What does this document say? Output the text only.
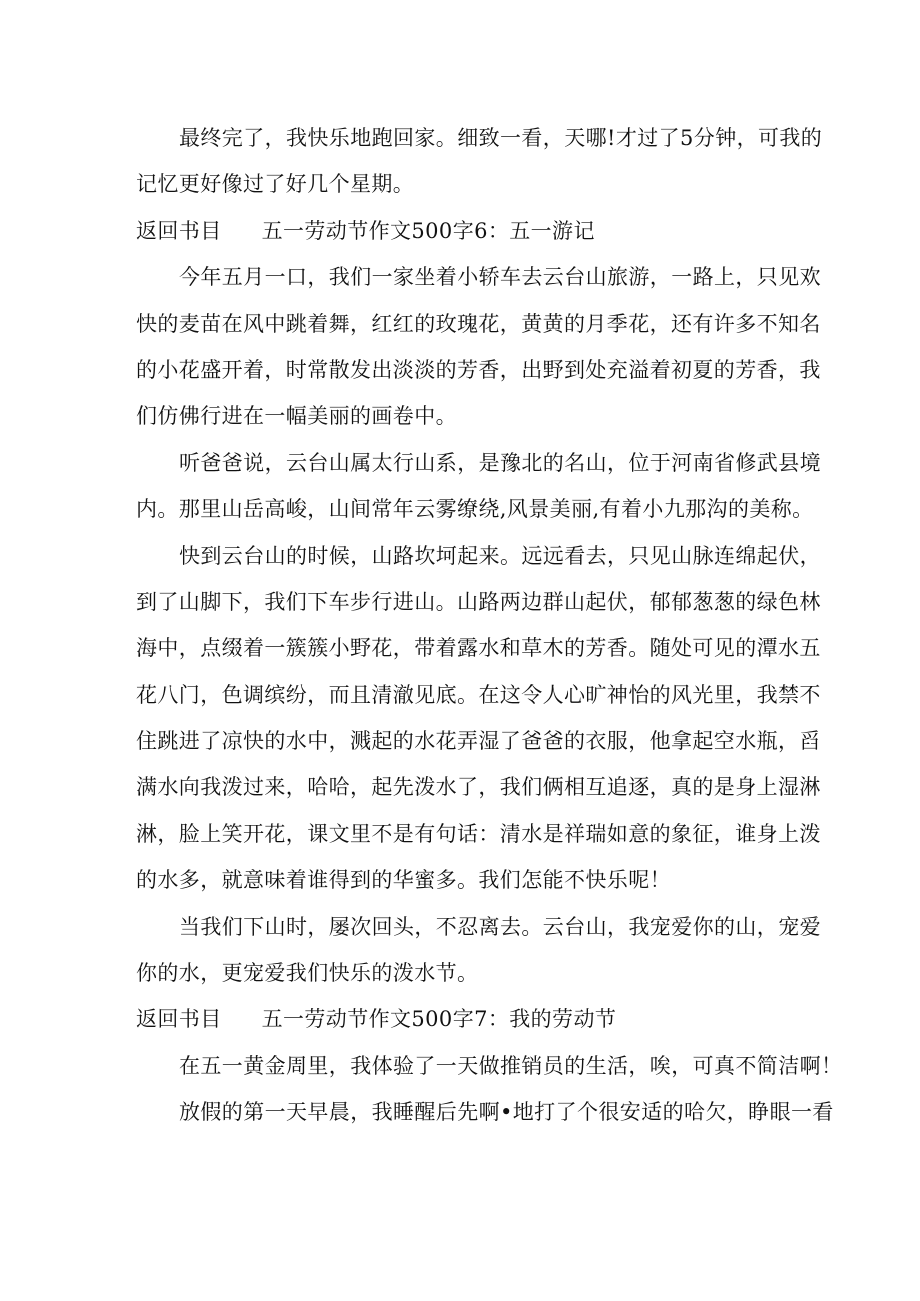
最终完了，我快乐地跑回家。细致一看，天哪!才过了5分钟，可我的
记忆更好像过了好几个星期。
返回书目 五一劳动节作文500字6：五一游记
今年五月一口，我们一家坐着小轿车去云台山旅游，一路上，只见欢
快的麦苗在风中跳着舞，红红的玫瑰花，黄黄的月季花，还有许多不知名
的小花盛开着，时常散发出淡淡的芳香，出野到处充溢着初夏的芳香，我
们仿佛行进在一幅美丽的画卷中。
听爸爸说，云台山属太行山系，是豫北的名山，位于河南省修武县境
内。那里山岳高峻，山间常年云雾缭绕,风景美丽,有着小九那沟的美称。
快到云台山的时候，山路坎坷起来。远远看去，只见山脉连绵起伏，
到了山脚下，我们下车步行进山。山路两边群山起伏，郁郁葱葱的绿色林
海中，点缀着一簇簇小野花，带着露水和草木的芳香。随处可见的潭水五
花八门，色调缤纷，而且清澈见底。在这令人心旷神怡的风光里，我禁不
住跳进了凉快的水中，溅起的水花弄湿了爸爸的衣服，他拿起空水瓶，舀
满水向我泼过来，哈哈，起先泼水了，我们俩相互追逐，真的是身上湿淋
淋，脸上笑开花，课文里不是有句话：清水是祥瑞如意的象征，谁身上泼
的水多，就意味着谁得到的华蜜多。我们怎能不快乐呢！
当我们下山时，屡次回头，不忍离去。云台山，我宠爱你的山，宠爱
你的水，更宠爱我们快乐的泼水节。
返回书目 五一劳动节作文500字7：我的劳动节
在五一黄金周里，我体验了一天做推销员的生活，唉，可真不简洁啊！
放假的第一天早晨，我睡醒后先啊•地打了个很安适的哈欠，睁眼一看
